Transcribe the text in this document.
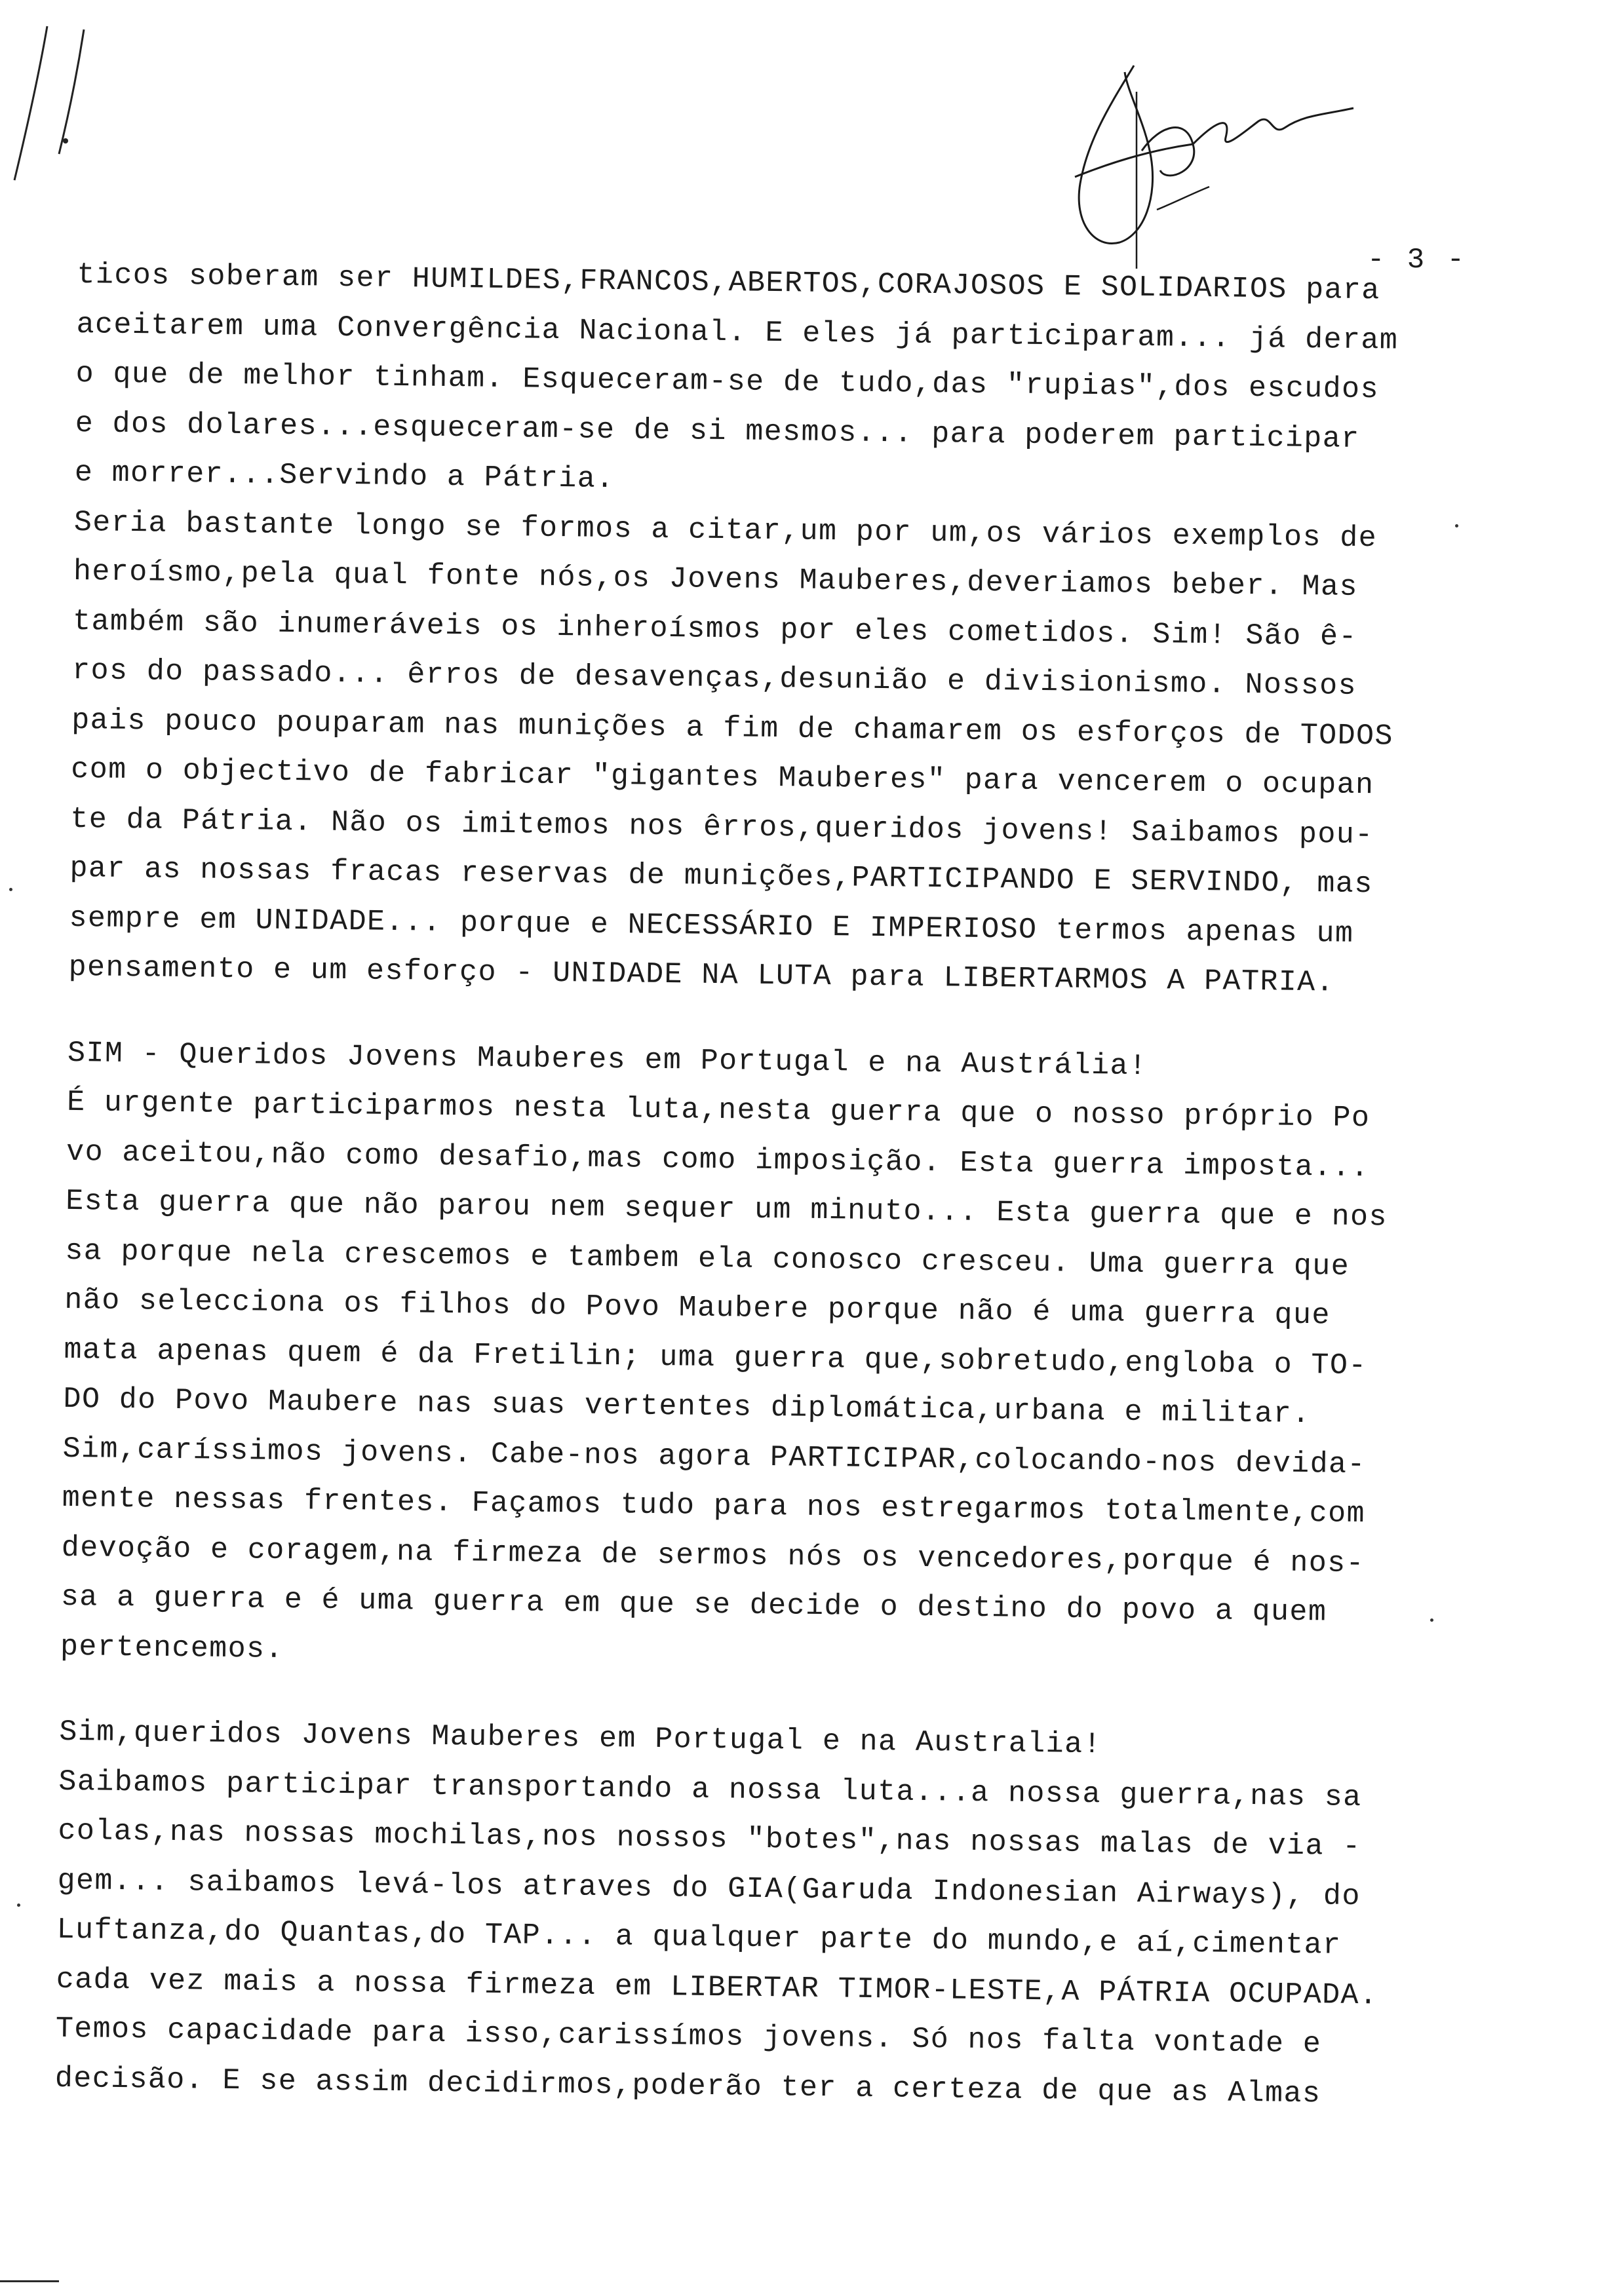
- 3 -
ticos soberam ser HUMILDES,FRANCOS,ABERTOS,CORAJOSOS E SOLIDARIOS para
aceitarem uma Convergência Nacional. E eles já participaram... já deram
o que de melhor tinham. Esqueceram-se de tudo,das "rupias",dos escudos
e dos dolares...esqueceram-se de si mesmos... para poderem participar
e morrer...Servindo a Pátria.
Seria bastante longo se formos a citar,um por um,os vários exemplos de
heroísmo,pela qual fonte nós,os Jovens Mauberes,deveriamos beber. Mas
também são inumeráveis os inheroísmos por eles cometidos. Sim! São ê-
ros do passado... êrros de desavenças,desunião e divisionismo. Nossos
pais pouco pouparam nas munições a fim de chamarem os esforços de TODOS
com o objectivo de fabricar "gigantes Mauberes" para vencerem o ocupan
te da Pátria. Não os imitemos nos êrros,queridos jovens! Saibamos pou-
par as nossas fracas reservas de munições,PARTICIPANDO E SERVINDO, mas
sempre em UNIDADE... porque e NECESSÁRIO E IMPERIOSO termos apenas um
pensamento e um esforço - UNIDADE NA LUTA para LIBERTARMOS A PATRIA.
SIM - Queridos Jovens Mauberes em Portugal e na Austrália!
É urgente participarmos nesta luta,nesta guerra que o nosso próprio Po
vo aceitou,não como desafio,mas como imposição. Esta guerra imposta...
Esta guerra que não parou nem sequer um minuto... Esta guerra que e nos
sa porque nela crescemos e tambem ela conosco cresceu. Uma guerra que
não selecciona os filhos do Povo Maubere porque não é uma guerra que
mata apenas quem é da Fretilin; uma guerra que,sobretudo,engloba o TO-
DO do Povo Maubere nas suas vertentes diplomática,urbana e militar.
Sim,caríssimos jovens. Cabe-nos agora PARTICIPAR,colocando-nos devida-
mente nessas frentes. Façamos tudo para nos estregarmos totalmente,com
devoção e coragem,na firmeza de sermos nós os vencedores,porque é nos-
sa a guerra e é uma guerra em que se decide o destino do povo a quem
pertencemos.
Sim,queridos Jovens Mauberes em Portugal e na Australia!
Saibamos participar transportando a nossa luta...a nossa guerra,nas sa
colas,nas nossas mochilas,nos nossos "botes",nas nossas malas de via -
gem... saibamos levá-los atraves do GIA(Garuda Indonesian Airways), do
Luftanza,do Quantas,do TAP... a qualquer parte do mundo,e aí,cimentar
cada vez mais a nossa firmeza em LIBERTAR TIMOR-LESTE,A PÁTRIA OCUPADA.
Temos capacidade para isso,carissímos jovens. Só nos falta vontade e
decisão. E se assim decidirmos,poderão ter a certeza de que as Almas
